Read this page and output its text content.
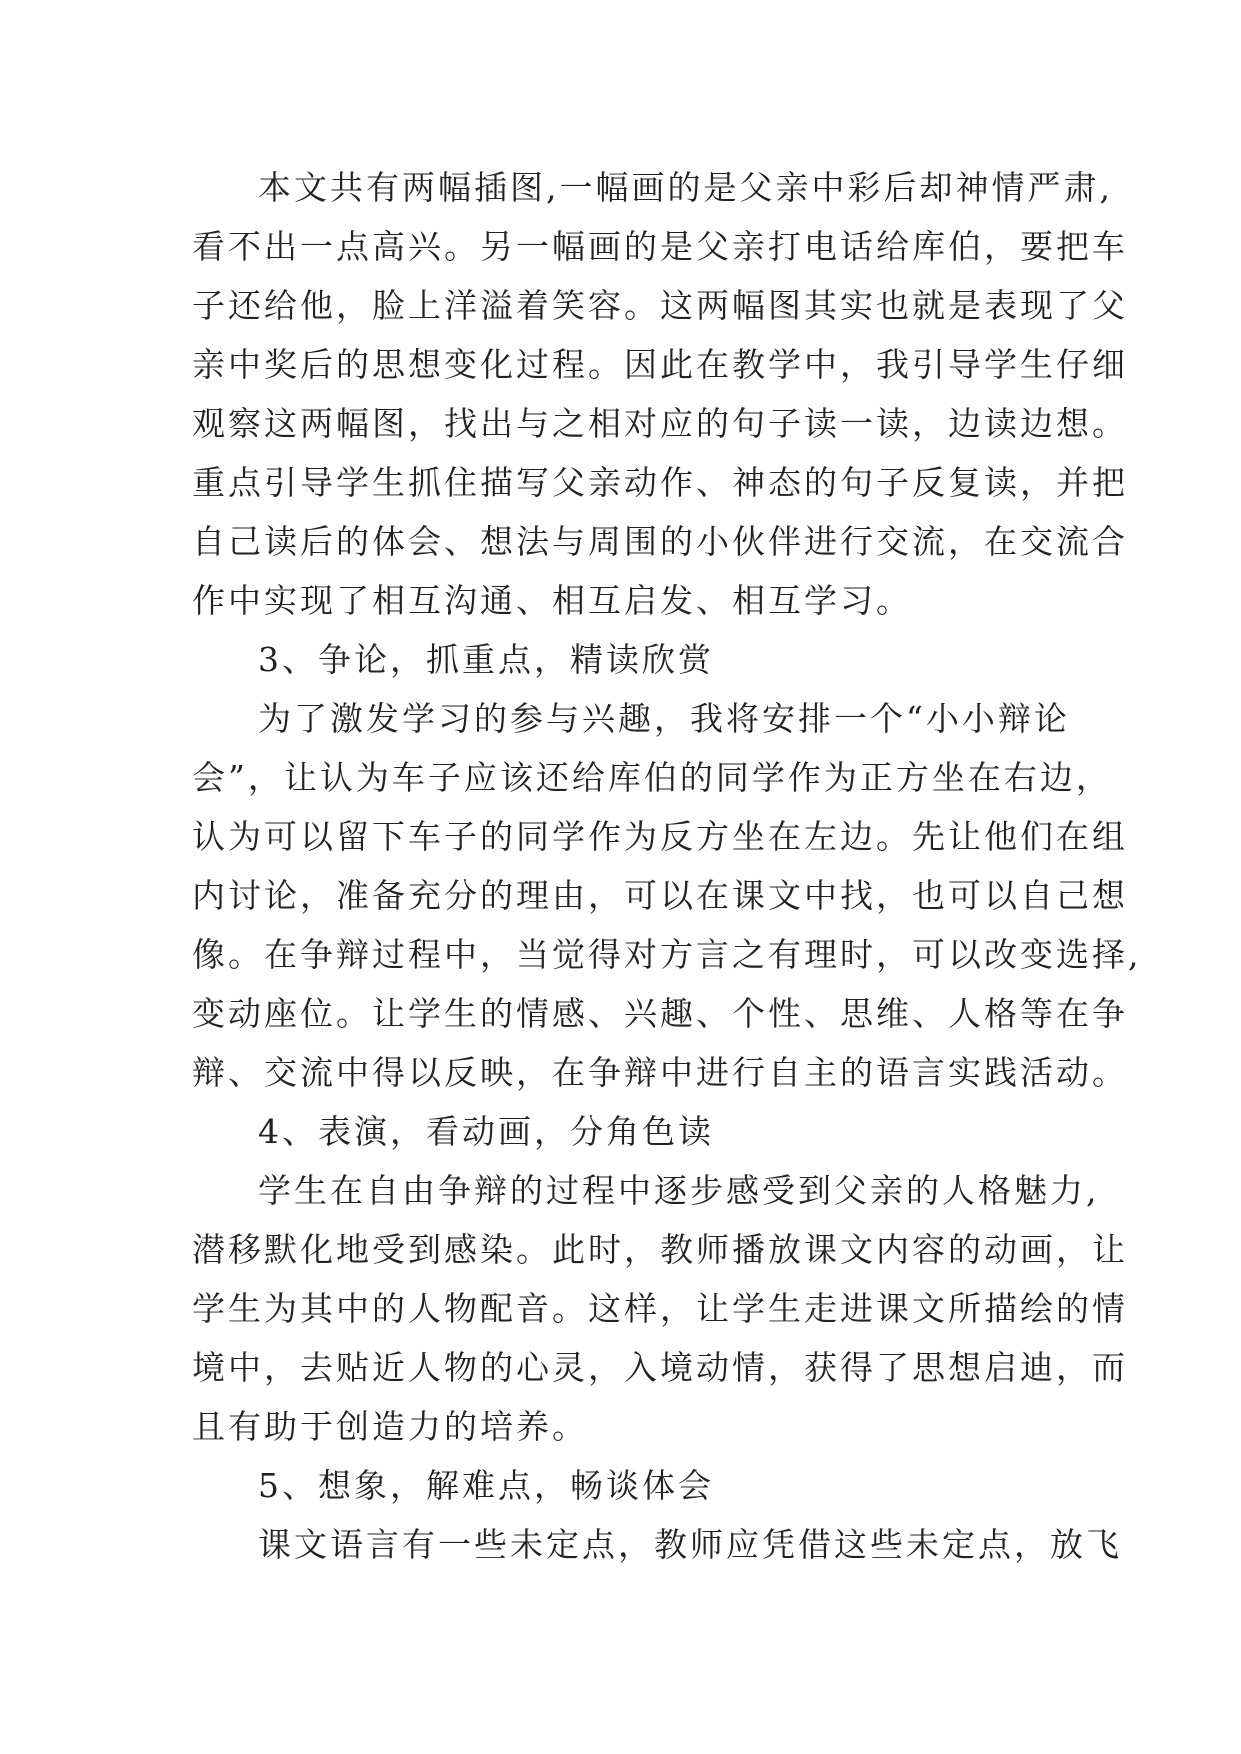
本文共有两幅插图,一幅画的是父亲中彩后却神情严肃,
看不出一点高兴。另一幅画的是父亲打电话给库伯，要把车
子还给他，脸上洋溢着笑容。这两幅图其实也就是表现了父
亲中奖后的思想变化过程。因此在教学中，我引导学生仔细
观察这两幅图，找出与之相对应的句子读一读，边读边想。
重点引导学生抓住描写父亲动作、神态的句子反复读，并把
自己读后的体会、想法与周围的小伙伴进行交流，在交流合
作中实现了相互沟通、相互启发、相互学习。
3、争论，抓重点，精读欣赏
为了激发学习的参与兴趣，我将安排一个“小小辩论
会”，让认为车子应该还给库伯的同学作为正方坐在右边，
认为可以留下车子的同学作为反方坐在左边。先让他们在组
内讨论，准备充分的理由，可以在课文中找，也可以自己想
像。在争辩过程中，当觉得对方言之有理时，可以改变选择,
变动座位。让学生的情感、兴趣、个性、思维、人格等在争
辩、交流中得以反映，在争辩中进行自主的语言实践活动。
4、表演，看动画，分角色读
学生在自由争辩的过程中逐步感受到父亲的人格魅力,
潜移默化地受到感染。此时，教师播放课文内容的动画，让
学生为其中的人物配音。这样，让学生走进课文所描绘的情
境中，去贴近人物的心灵，入境动情，获得了思想启迪，而
且有助于创造力的培养。
5、想象，解难点，畅谈体会
课文语言有一些未定点，教师应凭借这些未定点，放飞
